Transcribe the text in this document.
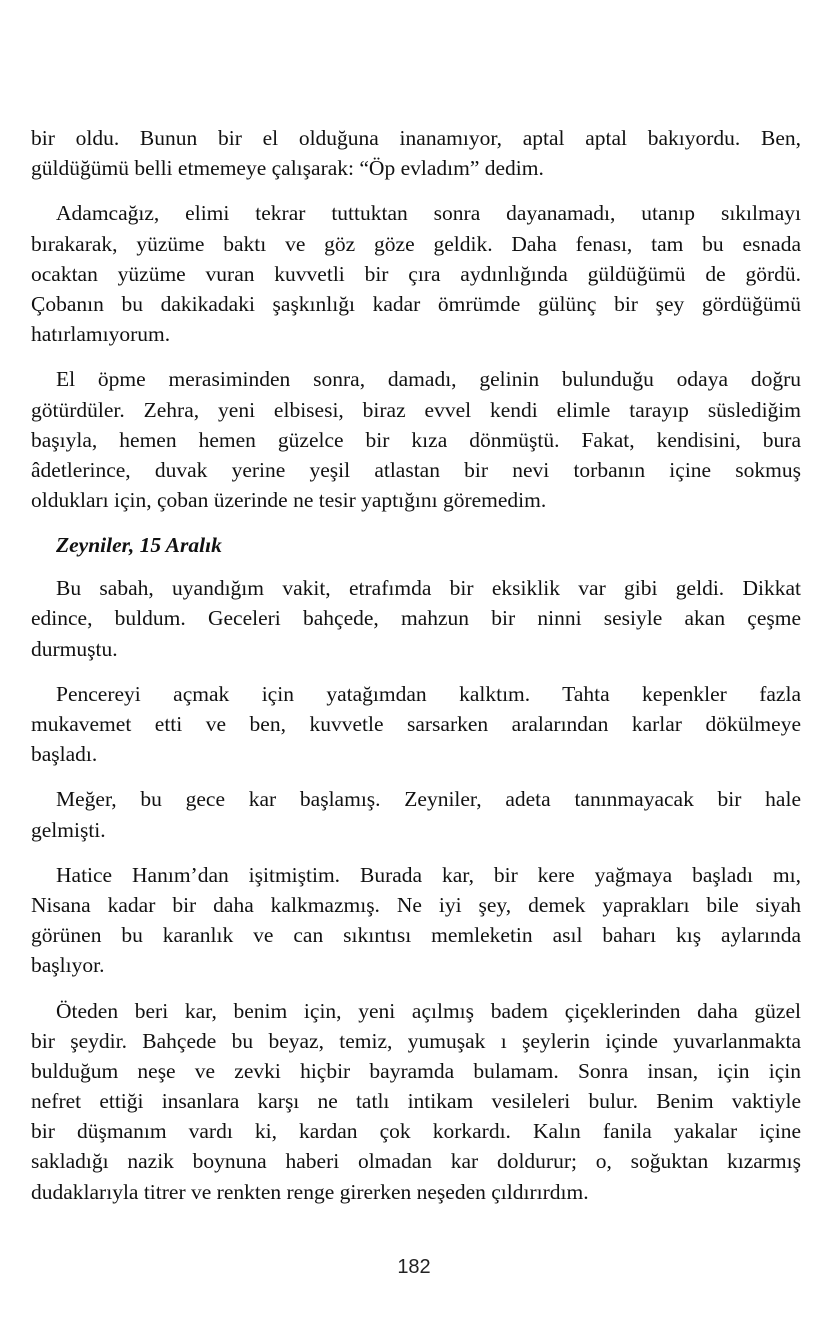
bir oldu. Bunun bir el olduğuna inanamıyor, aptal aptal bakıyordu. Ben,
güldüğümü belli etmemeye çalışarak: “Öp evladım” dedim.
Adamcağız, elimi tekrar tuttuktan sonra dayanamadı, utanıp sıkılmayı
bırakarak, yüzüme baktı ve göz göze geldik. Daha fenası, tam bu esnada
ocaktan yüzüme vuran kuvvetli bir çıra aydınlığında güldüğümü de gördü.
Çobanın bu dakikadaki şaşkınlığı kadar ömrümde gülünç bir şey gördüğümü
hatırlamıyorum.
El öpme merasiminden sonra, damadı, gelinin bulunduğu odaya doğru
götürdüler. Zehra, yeni elbisesi, biraz evvel kendi elimle tarayıp süslediğim
başıyla, hemen hemen güzelce bir kıza dönmüştü. Fakat, kendisini, bura
âdetlerince, duvak yerine yeşil atlastan bir nevi torbanın içine sokmuş
oldukları için, çoban üzerinde ne tesir yaptığını göremedim.
Zeyniler, 15 Aralık
Bu sabah, uyandığım vakit, etrafımda bir eksiklik var gibi geldi. Dikkat
edince, buldum. Geceleri bahçede, mahzun bir ninni sesiyle akan çeşme
durmuştu.
Pencereyi açmak için yatağımdan kalktım. Tahta kepenkler fazla
mukavemet etti ve ben, kuvvetle sarsarken aralarından karlar dökülmeye
başladı.
Meğer, bu gece kar başlamış. Zeyniler, adeta tanınmayacak bir hale
gelmişti.
Hatice Hanım’dan işitmiştim. Burada kar, bir kere yağmaya başladı mı,
Nisana kadar bir daha kalkmazmış. Ne iyi şey, demek yaprakları bile siyah
görünen bu karanlık ve can sıkıntısı memleketin asıl baharı kış aylarında
başlıyor.
Öteden beri kar, benim için, yeni açılmış badem çiçeklerinden daha güzel
bir şeydir. Bahçede bu beyaz, temiz, yumuşak ı şeylerin içinde yuvarlanmakta
bulduğum neşe ve zevki hiçbir bayramda bulamam. Sonra insan, için için
nefret ettiği insanlara karşı ne tatlı intikam vesileleri bulur. Benim vaktiyle
bir düşmanım vardı ki, kardan çok korkardı. Kalın fanila yakalar içine
sakladığı nazik boynuna haberi olmadan kar doldurur; o, soğuktan kızarmış
dudaklarıyla titrer ve renkten renge girerken neşeden çıldırırdım.
182
